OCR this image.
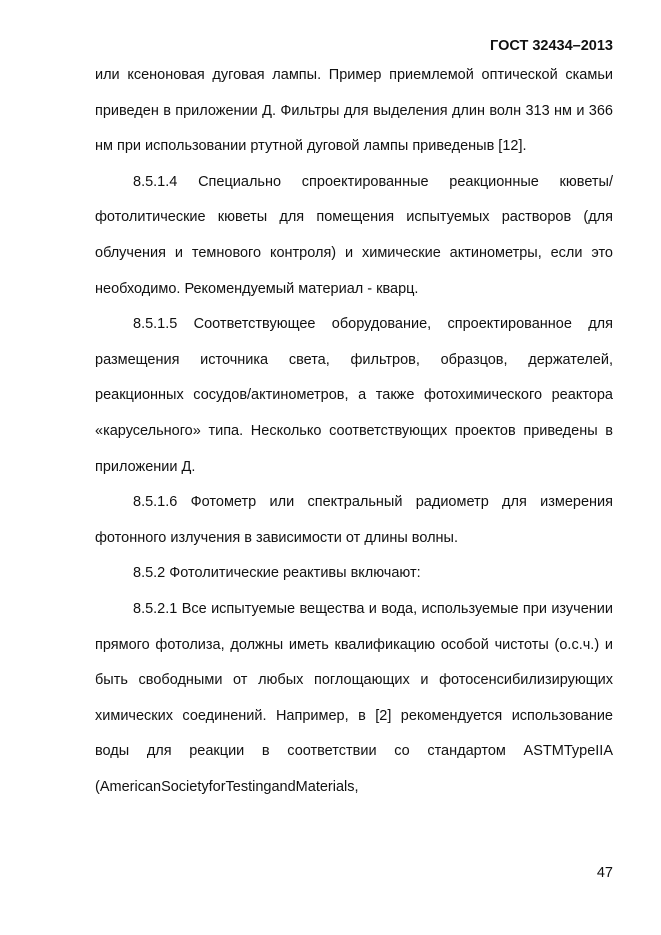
ГОСТ 32434–2013

или ксеноновая дуговая лампы. Пример приемлемой оптической скамьи приведен в приложении Д. Фильтры для выделения длин волн 313 нм и 366 нм при использовании ртутной дуговой лампы приведеныв [12].

8.5.1.4 Специально спроектированные реакционные кюветы/ фотолитические кюветы для помещения испытуемых растворов (для облучения и темнового контроля) и химические актинометры, если это необходимо. Рекомендуемый материал - кварц.

8.5.1.5 Соответствующее оборудование, спроектированное для размещения источника света, фильтров, образцов, держателей, реакционных сосудов/актинометров, а также фотохимического реактора «карусельного» типа. Несколько соответствующих проектов приведены в приложении Д.

8.5.1.6 Фотометр или спектральный радиометр для измерения фотонного излучения в зависимости от длины волны.

8.5.2 Фотолитические реактивы включают:

8.5.2.1 Все испытуемые вещества и вода, используемые при изучении прямого фотолиза, должны иметь квалификацию особой чистоты (о.с.ч.) и быть свободными от любых поглощающих и фотосенсибилизирующих химических соединений. Например, в [2] рекомендуется использование воды для реакции в соответствии со стандартом ASTMTypeIIA (AmericanSocietyforTestingandMaterials,

47
